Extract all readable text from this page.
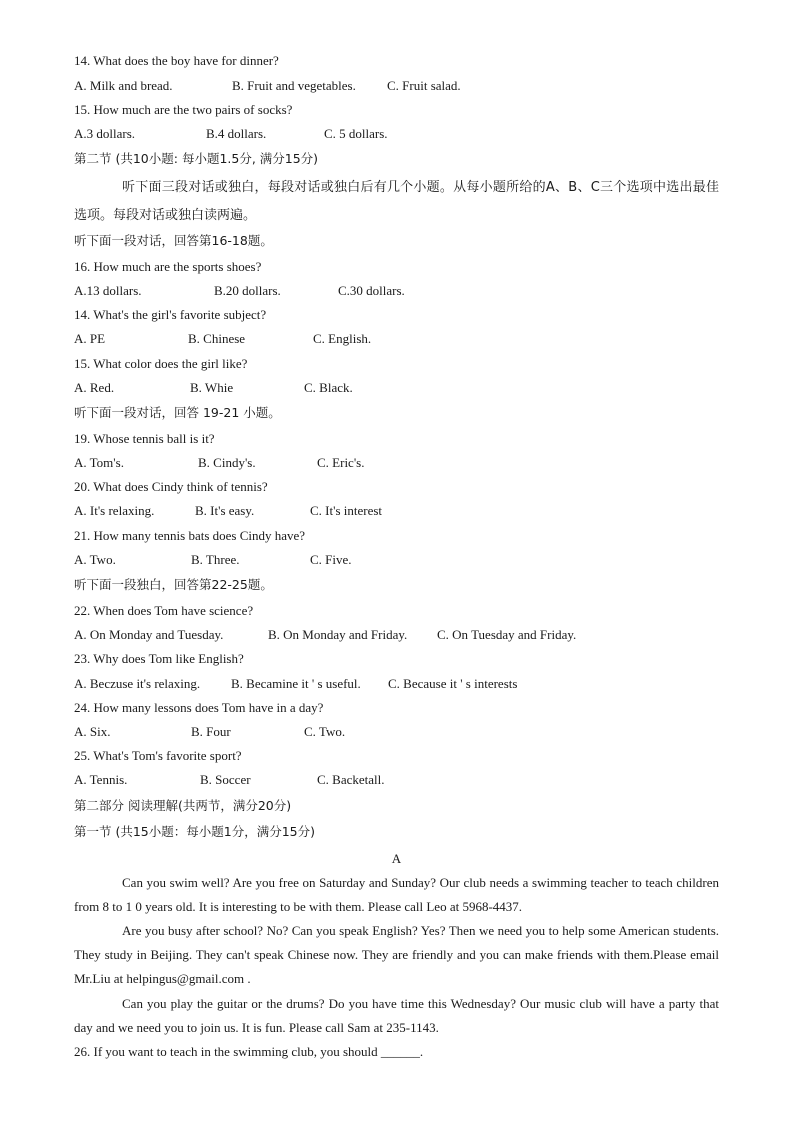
14. What does the boy have for dinner?
A. Milk and bread.	B. Fruit and vegetables. C. Fruit salad.
15. How much are the two pairs of socks?
A.3 dollars.	B.4 dollars.	C. 5 dollars.
第二节 (共10小题: 每小题1.5分, 满分15分)
听下面三段对话或独白，每段对话或独白后有几个小题。从每小题所给的A、B、C三个选项中选出最佳选项。每段对话或独白读两遍。
听下面一段对话，回答第16-18题。
16. How much are the sports shoes?
A.13 dollars.	B.20 dollars.	C.30 dollars.
14. What's the girl's favorite subject?
A. PE	B. Chinese	C. English.
15. What color does the girl like?
A. Red.	B. Whie	C. Black.
听下面一段对话，回答 19-21 小题。
19. Whose tennis ball is it?
A. Tom's.	B. Cindy's.	C. Eric's.
20. What does Cindy think of tennis?
A. It's relaxing.	B. It's easy.	C. It's interest
21. How many tennis bats does Cindy have?
A. Two.	B. Three.	C. Five.
听下面一段独白，回答第22-25题。
22. When does Tom have science?
A. On Monday and Tuesday.	B. On Monday and Friday. C. On Tuesday and Friday.
23. Why does Tom like English?
A. Beczuse it's relaxing. B. Becamine it ' s useful. C. Because it ' s interests
24. How many lessons does Tom have in a day?
A. Six.	B. Four	C. Two.
25. What's Tom's favorite sport?
A. Tennis.	B. Soccer	C. Backetall.
第二部分 阅读理解(共两节，满分20分)
第一节 (共15小题：每小题1分，满分15分)
A
Can you swim well? Are you free on Saturday and Sunday? Our club needs a swimming teacher to teach children from 8 to 1 0 years old. It is interesting to be with them. Please call Leo at 5968-4437.
Are you busy after school? No? Can you speak English? Yes? Then we need you to help some American students. They study in Beijing. They can't speak Chinese now. They are friendly and you can make friends with them.Please email Mr.Liu at helpingus@gmail.com .
Can you play the guitar or the drums? Do you have time this Wednesday? Our music club will have a party that day and we need you to join us. It is fun. Please call Sam at 235-1143.
26. If you want to teach in the swimming club, you should ______.
